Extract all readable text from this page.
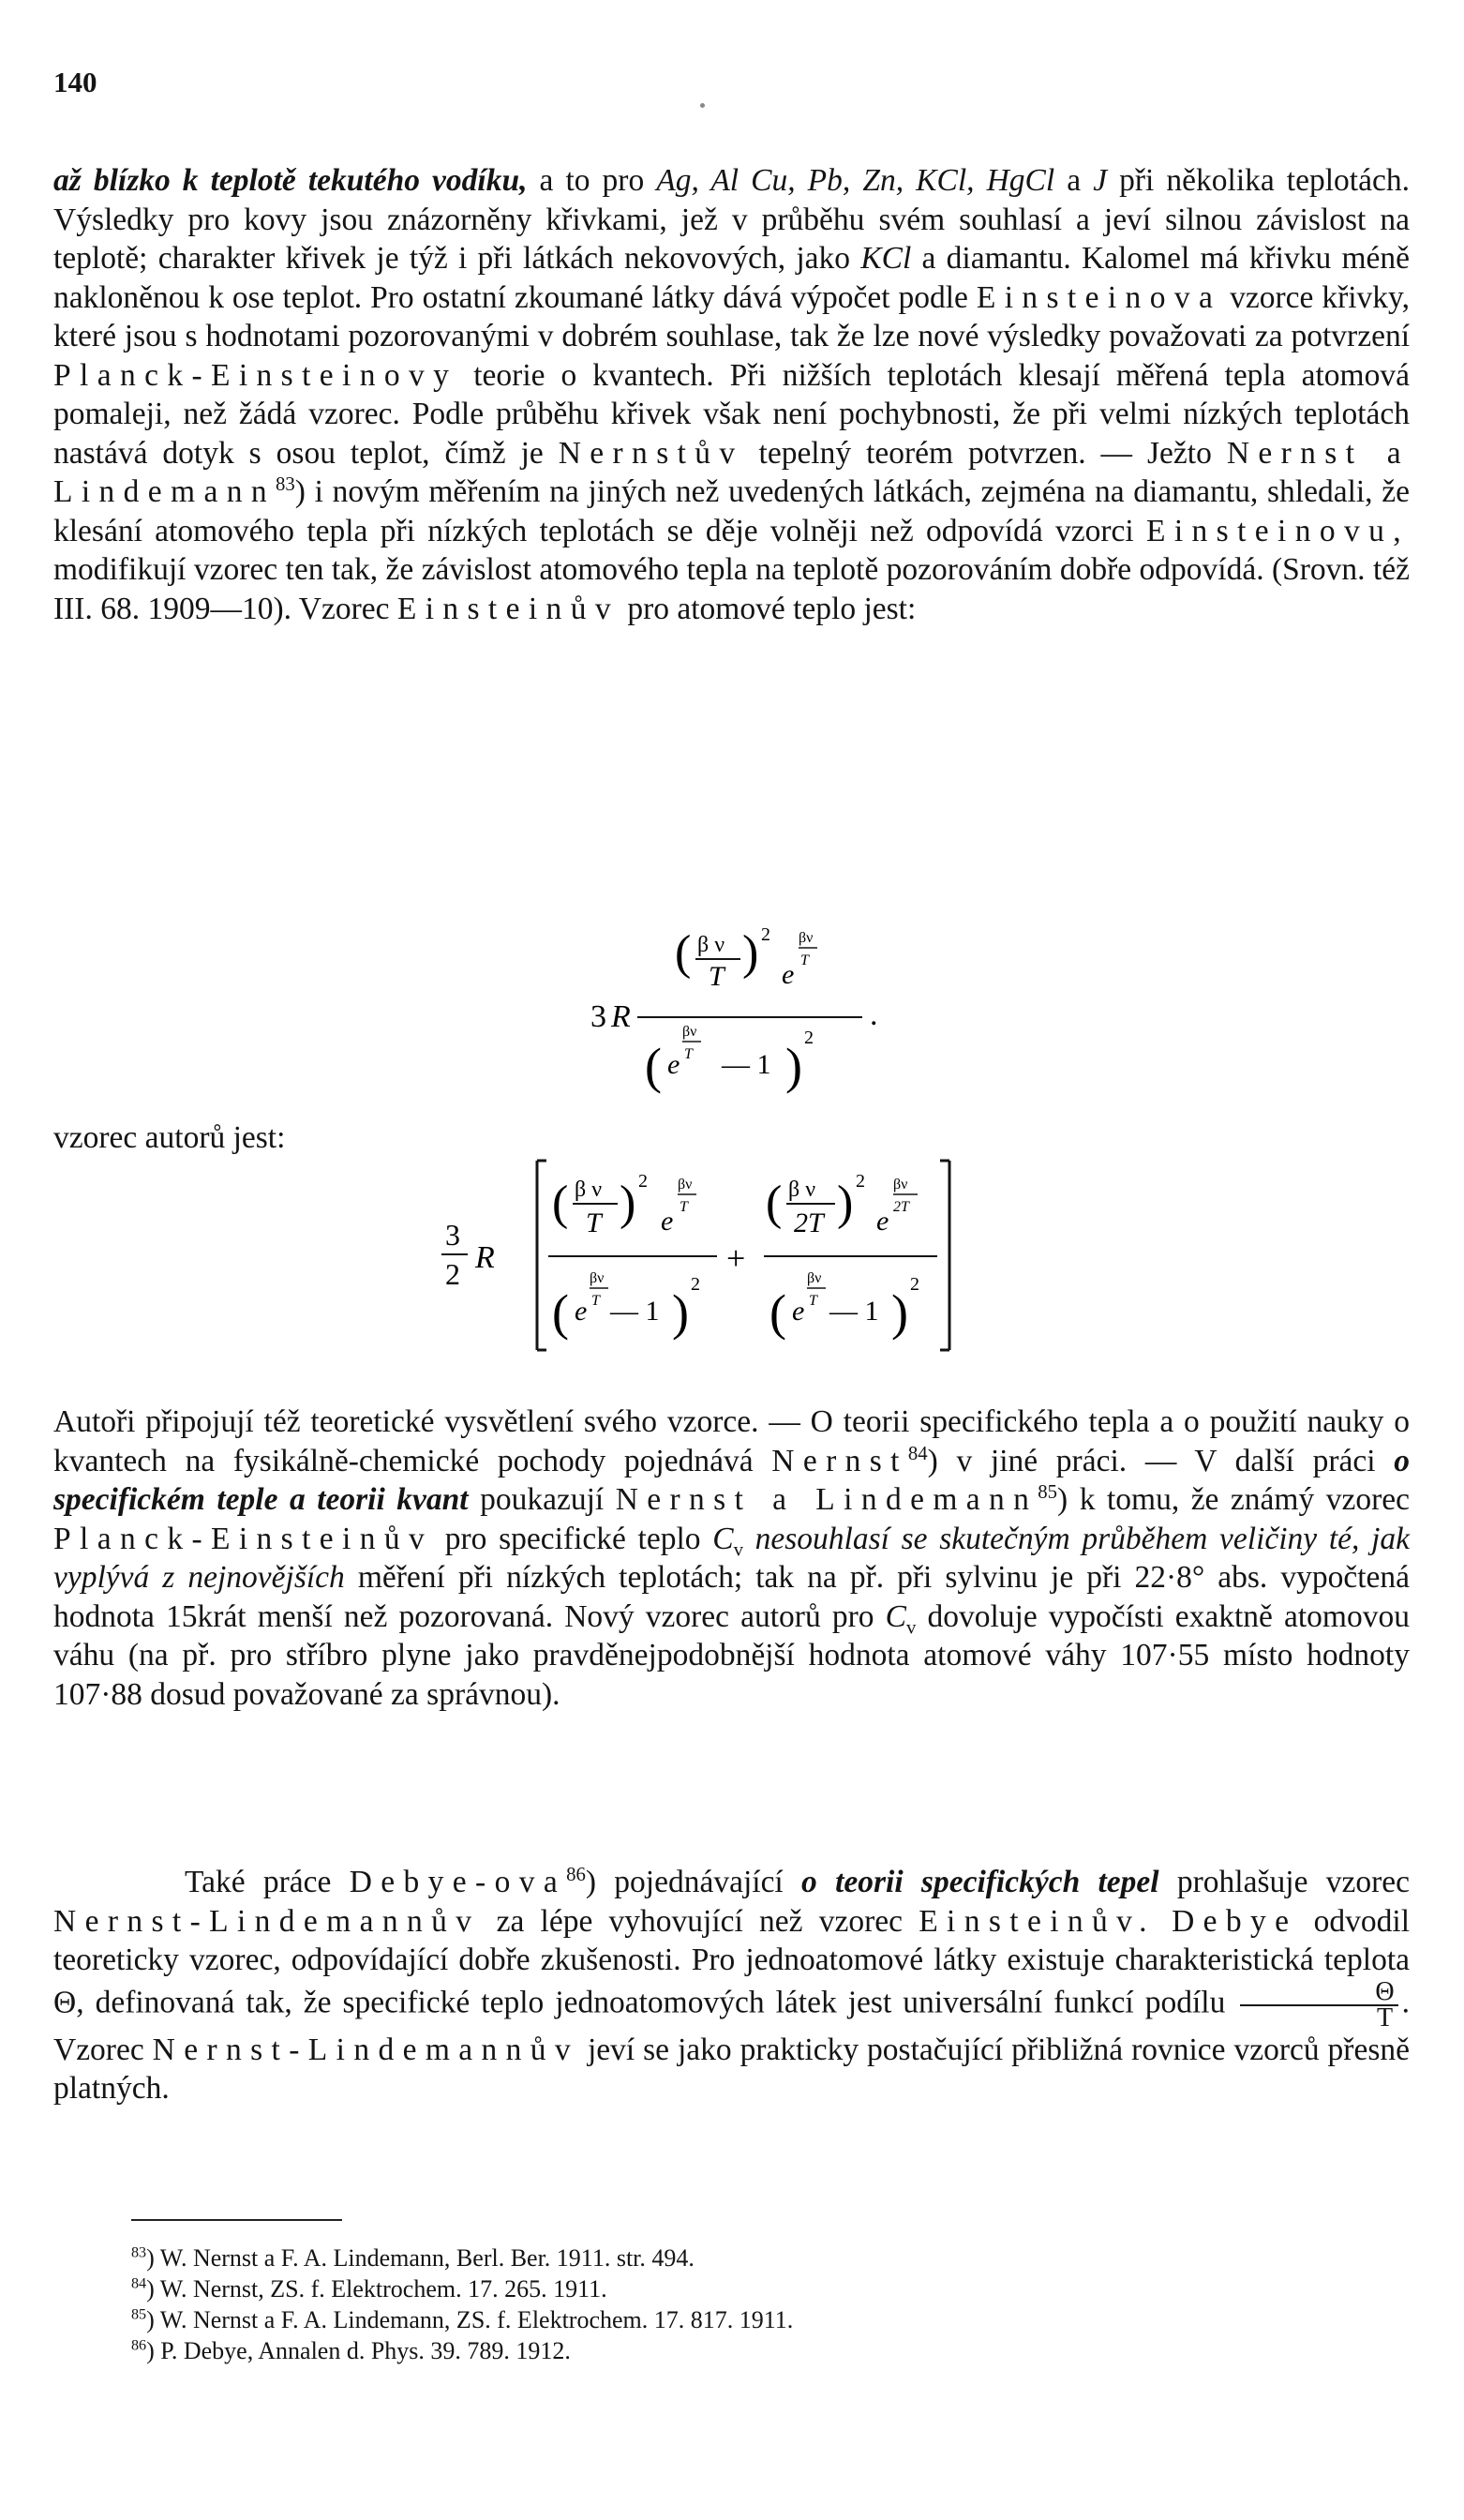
140
až blízko k teplotě tekutého vodíku, a to pro Ag, Al Cu, Pb, Zn, KCl, HgCl a J při několika teplotách. Výsledky pro kovy jsou znázorněny křivkami, jež v průběhu svém souhlasí a jeví silnou závislost na teplotě; charakter křivek je týž i při látkách nekovových, jako KCl a diamantu. Kalomel má křivku méně nakloněnou k ose teplot. Pro ostatní zkoumané látky dává výpočet podle Einsteinova vzorce křivky, které jsou s hodnotami pozorovanými v dobrém souhlase, tak že lze nové výsledky považovati za potvrzení Planck-Einsteinovy teorie o kvantech. Při nižších teplotách klesají měřená tepla atomová pomaleji, než žádá vzorec. Podle průběhu křivek však není pochybnosti, že při velmi nízkých teplotách nastává dotyk s osou teplot, čímž je Nernstův tepelný teorém potvrzen. — Ježto Nernst a Lindemann$^{83}$) i novým měřením na jiných než uvedených látkách, zejména na diamantu, shledali, že klesání atomového tepla při nízkých teplotách se děje volněji než odpovídá vzorci Einsteinovu, modifikují vzorec ten tak, že závislost atomového tepla na teplotě pozorováním dobře odpovídá. (Srovn. též III. 68. 1909—10). Vzorec Einsteinův pro atomové teplo jest:
3 R
( β ν
T ) 2
e
βν
T
( e
βν
T — 1 ) 2
.
vzorec autorů jest:
3
2 R
( β ν
T ) 2
e
βν
T
( e
βν
T — 1 ) 2
+
( β ν
2T ) 2
e
βν
2T
( e
βν
T — 1 ) 2
Autoři připojují též teoretické vysvětlení svého vzorce. — O teorii specifického tepla a o použití nauky o kvantech na fysikálně-chemické pochody pojednává Nernst$^{84}$) v jiné práci. — V další práci o specifickém teple a teorii kvant poukazují Nernst a Lindemann$^{85}$) k tomu, že známý vzorec Planck-Einsteinův pro specifické teplo $C_v$ nesouhlasí se skutečným průběhem veličiny té, jak vyplývá z nejnovějších měření při nízkých teplotách; tak na př. při sylvinu je při 22·8° abs. vypočtená hodnota 15krát menší než pozorovaná. Nový vzorec autorů pro $C_v$ dovoluje vypočísti exaktně atomovou váhu (na př. pro stříbro plyne jako pravděnejpodobnější hodnota atomové váhy 107·55 místo hodnoty 107·88 dosud považované za správnou).
Také práce Debye-ova$^{86}$) pojednávající o teorii specifických tepel prohlašuje vzorec Nernst-Lindemannův za lépe vyhovující než vzorec Einsteinův. Debye odvodil teoreticky vzorec, odpovídající dobře zkušenosti. Pro jednoatomové látky existuje charakteristická teplota Θ, definovaná tak, že specifické teplo jednoatomových látek jest universální funkcí podílu $\frac{\Theta}{T}$ . Vzorec Nernst-Lindemannův jeví se jako prakticky postačující přibližná rovnice vzorců přesně platných.
$^{83}$) W. Nernst a F. A. Lindemann, Berl. Ber. 1911. str. 494.
$^{84}$) W. Nernst, ZS. f. Elektrochem. 17. 265. 1911.
$^{85}$) W. Nernst a F. A. Lindemann, ZS. f. Elektrochem. 17. 817. 1911.
$^{86}$) P. Debye, Annalen d. Phys. 39. 789. 1912.
